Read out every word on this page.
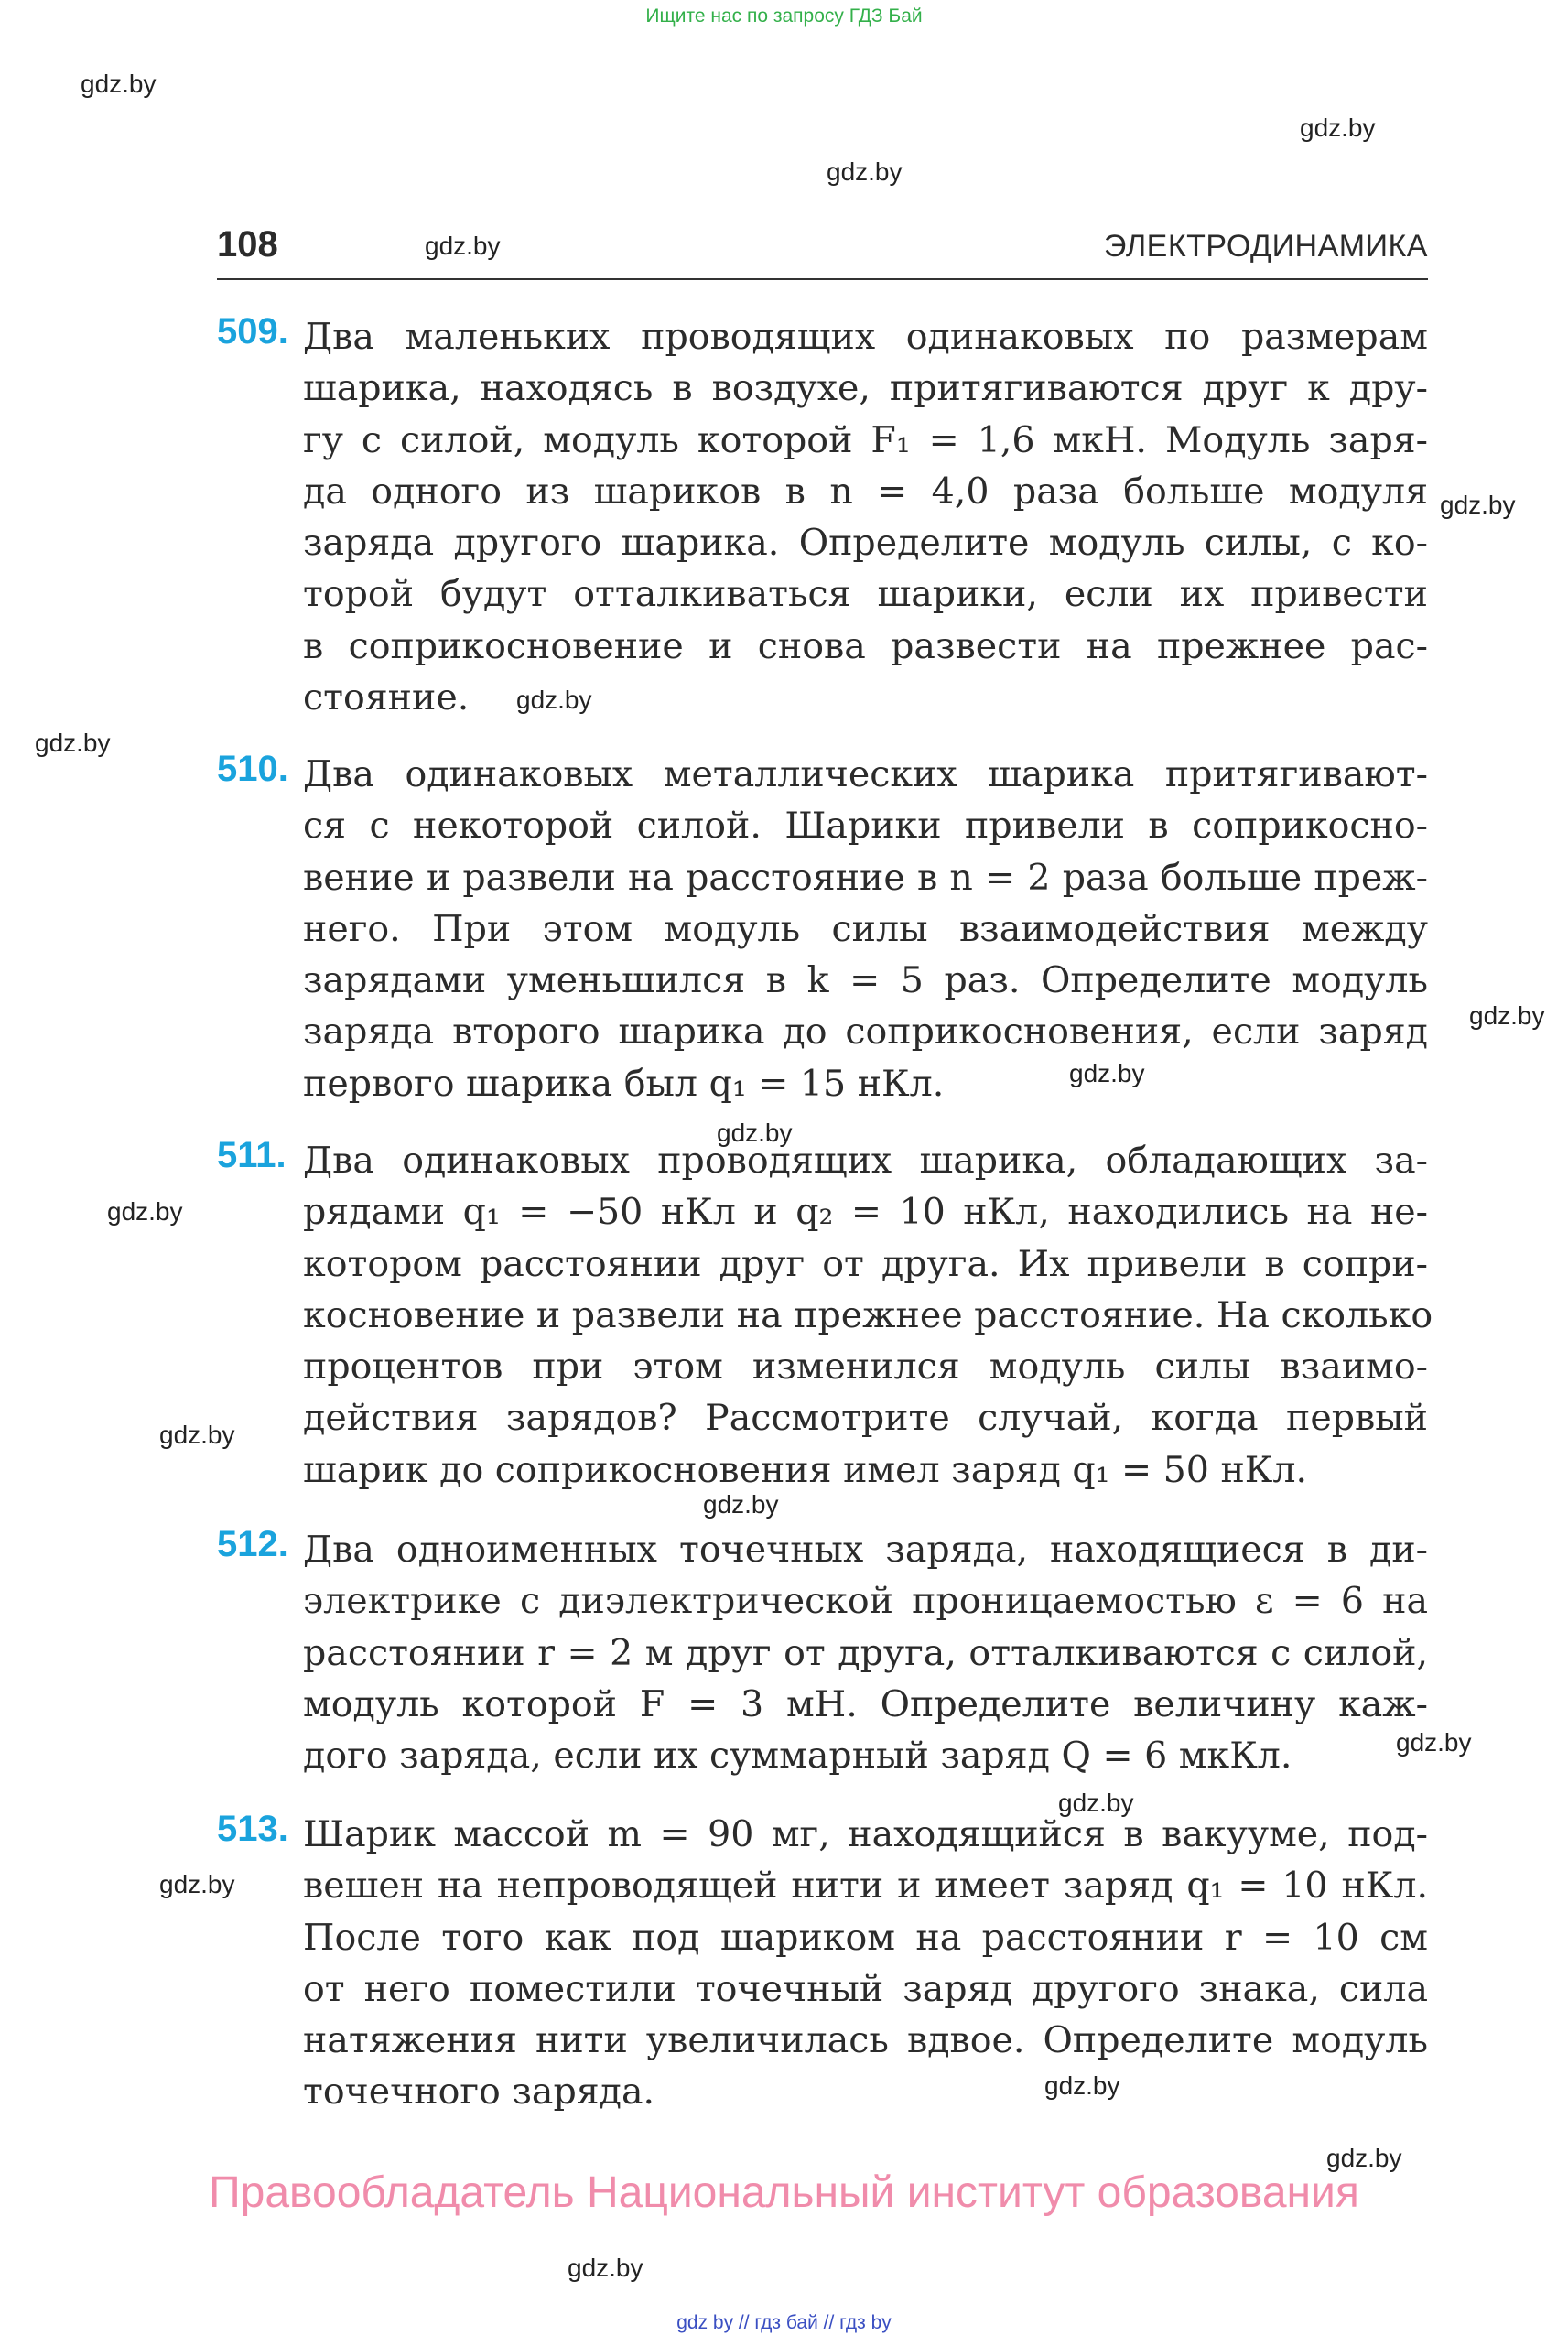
Ищите нас по запросу ГДЗ Бай
gdz.by
gdz.by
gdz.by
gdz.by
gdz.by
gdz.by
gdz.by
gdz.by
gdz.by
gdz.by
gdz.by
gdz.by
gdz.by
gdz.by
gdz.by
gdz.by
gdz.by
gdz.by
gdz.by
108	ЭЛЕКТРОДИНАМИКА
509. Два маленьких проводящих одинаковых по размерам
шарика, находясь в воздухе, притягиваются друг к дру-
гу с силой, модуль которой F₁ = 1,6 мкН. Модуль заря-
да одного из шариков в n = 4,0 раза больше модуля
заряда другого шарика. Определите модуль силы, с ко-
торой будут отталкиваться шарики, если их привести
в соприкосновение и снова развести на прежнее рас-
стояние.
510. Два одинаковых металлических шарика притягивают-
ся с некоторой силой. Шарики привели в соприкосно-
вение и развели на расстояние в n = 2 раза больше преж-
него. При этом модуль силы взаимодействия между
зарядами уменьшился в k = 5 раз. Определите модуль
заряда второго шарика до соприкосновения, если заряд
первого шарика был q₁ = 15 нКл.
511. Два одинаковых проводящих шарика, обладающих за-
рядами q₁ = −50 нКл и q₂ = 10 нКл, находились на не-
котором расстоянии друг от друга. Их привели в сопри-
косновение и развели на прежнее расстояние. На сколько
процентов при этом изменился модуль силы взаимо-
действия зарядов? Рассмотрите случай, когда первый
шарик до соприкосновения имел заряд q₁ = 50 нКл.
512. Два одноименных точечных заряда, находящиеся в ди-
электрике с диэлектрической проницаемостью ε = 6 на
расстоянии r = 2 м друг от друга, отталкиваются с силой,
модуль которой F = 3 мН. Определите величину каж-
дого заряда, если их суммарный заряд Q = 6 мкКл.
513. Шарик массой m = 90 мг, находящийся в вакууме, под-
вешен на непроводящей нити и имеет заряд q₁ = 10 нКл.
После того как под шариком на расстоянии r = 10 см
от него поместили точечный заряд другого знака, сила
натяжения нити увеличилась вдвое. Определите модуль
точечного заряда.
Правообладатель Национальный институт образования
gdz by // гдз бай // гдз by
